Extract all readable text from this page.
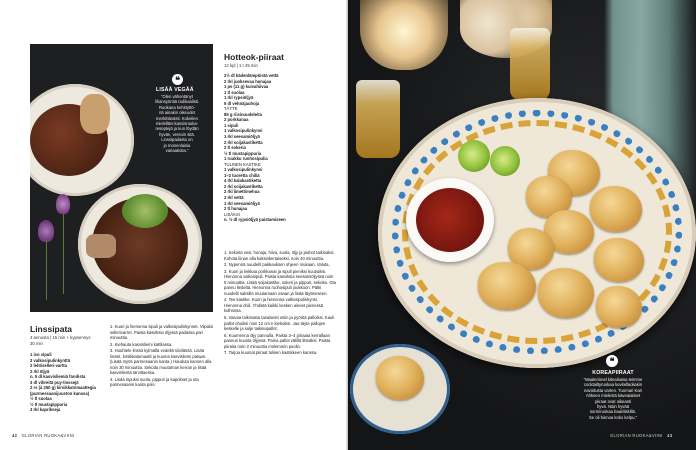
❝
LISÄÄ VEGÄÄ
”Olen vähentänyt
lihansyöntiä radikaalisti.
Ruokana kehittyttö-
nä ainakin oikeudet
merkittävästi. Kokeilen
mielelläni kasvisruoka-
reseptejä ja kun löydän
hyvän, versoin sitä.
Linssipadasta on
jo monenlaisia
variaatioita.”
Linssipata
4 annosta | 15 min + kypsennys
30 min
1 iso sipuli
3 valkosipulinkynttä
2 lehtiselleri-vartta
2 rkl öljyä
n. 5 dl kasvisliemiä fondista
3 dl vihreitä puy-linssejä
2 rs (à 250 g) kirsikkatomaattegia
(purmessaanijuuston kanssa)
½ tl suolaa
½ tl mustapippuria
3 rkl kaprikseja

1. Kuori ja hienonna sipuli ja valkosipulinkynnet. Viipaloi sellerivarret. Paista kasviksia öljyssä padassa pari minuuttia.

2. Kiehauta kasvisliemi kattilassa.

3. Huuhtele linssit kylmällä vedellä siivilässä. Lisää linssit, kirsikkatomaatit ja kuuma kasvisliemi pataan. (Lisää myös parmesaanin kanta.) Hauduta kannen alla noin 30 minuuttia. Sekoita muutaman kerran ja lisää kasvislientä tarvittaessa.

4. Lisää lopuksi suola, pippuri ja kaprikset ja ota parmesaanin kanta pois.

Hotteok-piiraat
12 kpl | 1 t 45 min
2½ dl kädenlämpöistä vettä
2 rkl juoksevaa hunajaa
1 ps (11 g) kuivahiivaa
1 tl suolaa
1 rkl rypsiöljyä
5 dl vehnäjauhoja
TÄYTE
85 g riisinuudeleita
2 porkkanaa
1 sipuli
1 valkosipulinkynsi
1 rkl seesamiöljyä
2 rkl soijakastiketta
2 tl sokeria
½ tl mustapippuria
1 ruukku ruohosipulia
TULINEN KASTIKE
1 valkosipulinkynsi
1–2 tuoretta chiliä
4 rkl kalakastiketta
2 rkl soijakastiketta
2 rkl limettimehua
2 rkl vettä
1 rkl seesamiöljyä
2 tl hunajaa
LISÄKSI
n. ½ dl rypsiöljyä paistamiseen

1. Sekoita vesi, hunaja, hiiva, suola, öljy ja jauhot taikinaksi. Kohota liinan alla kaksinkertaiseksi, noin 40 minuuttia.

2. Nypennä nuudelit pakkauksen ohjeen mukaan. Valuta.

3. Kuori ja leikkaa porkkanat ja sipuli pieniksi kuutioiksi. Hienonna valkosipuli. Paista kasviksia seesamiöljyssä noin 5 minuuttia. Lisää soijakastike, sokeri ja pippuri, sekoita. Ota pannu liedeltä. Hienonna ruohosipuli joukkoon. Pätki nuudelit saksilla muutamaan osaan ja lisää täytteeseen.

4. Tee kastike. Kuori ja hienonna valkosipulinkynsi. Hienonna chili. Yhdistä kaikki kesken aineet pienessä kulhossa.

5. Vaivaa taikinasta tasaisesti osiin ja pyöritä palloiksi. Kauli pallot ohuiksi noin 12 cm:n kiekoiksi. Jaa täyte pallojen keskelle ja sulje taikinapallot.

6. Kuumenna öljy pannulla. Paista 3–4 piiraata kerrallaan pannun kuusta öljyssä. Paina pallot välillä litteäksi. Paista piiraita noin 2 minuuttia molemmin puolin.

7. Tarjoa kuumat piiraat tulisen kastikkeen kanssa.

42 GLORIAN RUOKA&VIINI
❝
KOREAPIIRAAT
”Maalerinnel kiteailussa teimme
cocktailtyruokaa kuvitellaoliakin
navoitusta varten. Tuomari Kari
Ahkeen mielestä käveaiatiset
piiraat ovat oikeasti
hyvä. Näin hyvää
sormiruokaa baaritiskillä.
Se oli hienoa koko kelpu.”
GLORIAN RUOKA&VIINI 43
